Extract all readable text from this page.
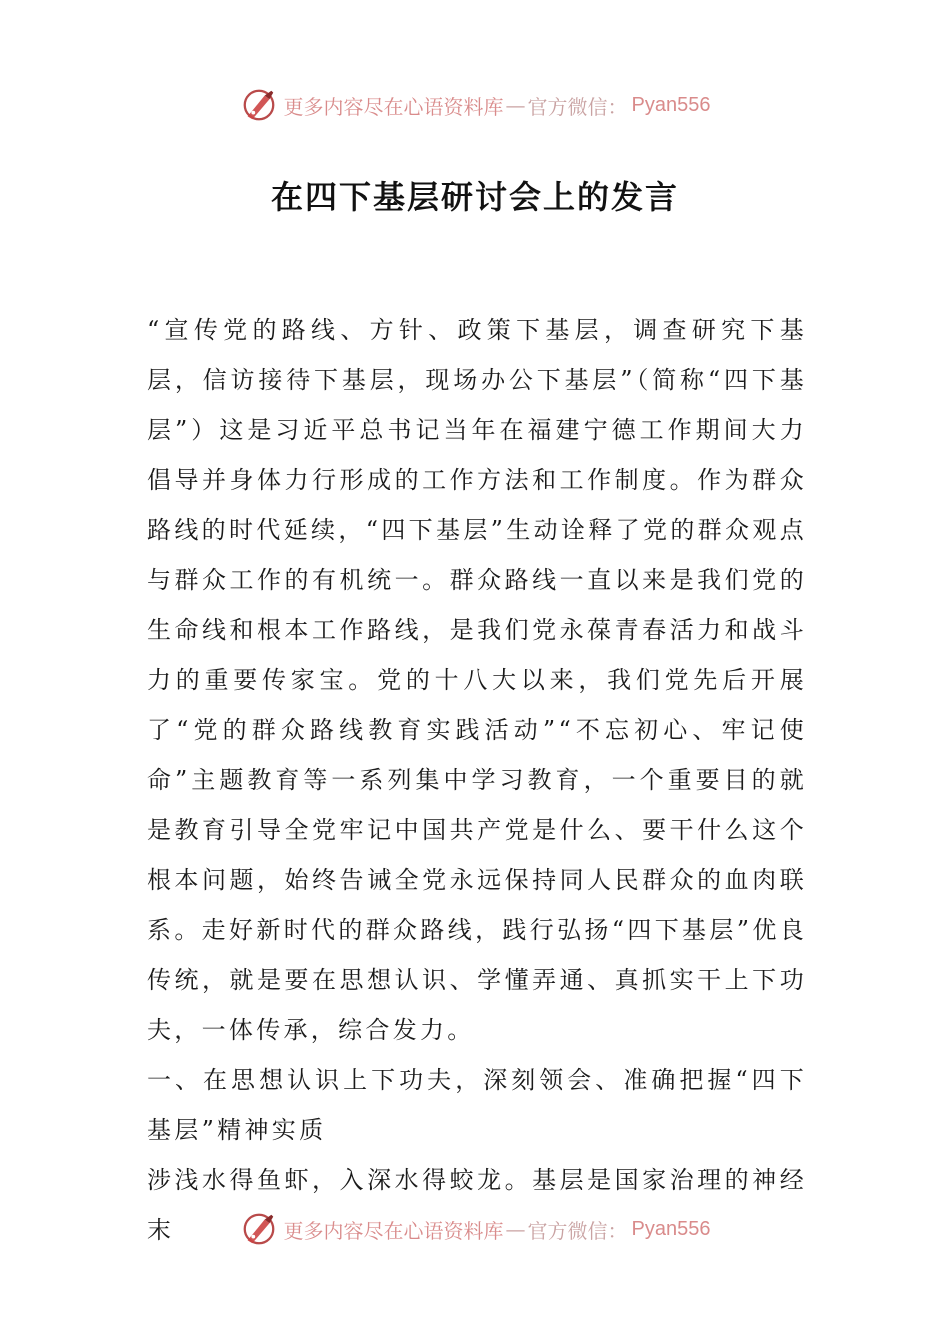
更多内容尽在心语资料库 — 官方微信： Pyan556
在四下基层研讨会上的发言

“宣传党的路线、方针、政策下基层，调查研究下基层，信访接待下基层，现场办公下基层”（简称“四下基层”）这是习近平总书记当年在福建宁德工作期间大力倡导并身体力行形成的工作方法和工作制度。作为群众路线的时代延续，“四下基层”生动诠释了党的群众观点与群众工作的有机统一。群众路线一直以来是我们党的生命线和根本工作路线，是我们党永葆青春活力和战斗力的重要传家宝。党的十八大以来，我们党先后开展了“党的群众路线教育实践活动”“不忘初心、牢记使命”主题教育等一系列集中学习教育，一个重要目的就是教育引导全党牢记中国共产党是什么、要干什么这个根本问题，始终告诫全党永远保持同人民群众的血肉联系。走好新时代的群众路线，践行弘扬“四下基层”优良传统，就是要在思想认识、学懂弄通、真抓实干上下功夫，一体传承，综合发力。

一、在思想认识上下功夫，深刻领会、准确把握“四下基层”精神实质

涉浅水得鱼虾，入深水得蛟龙。基层是国家治理的神经末	更多内容尽在心语资料库 — 官方微信： Pyan556
